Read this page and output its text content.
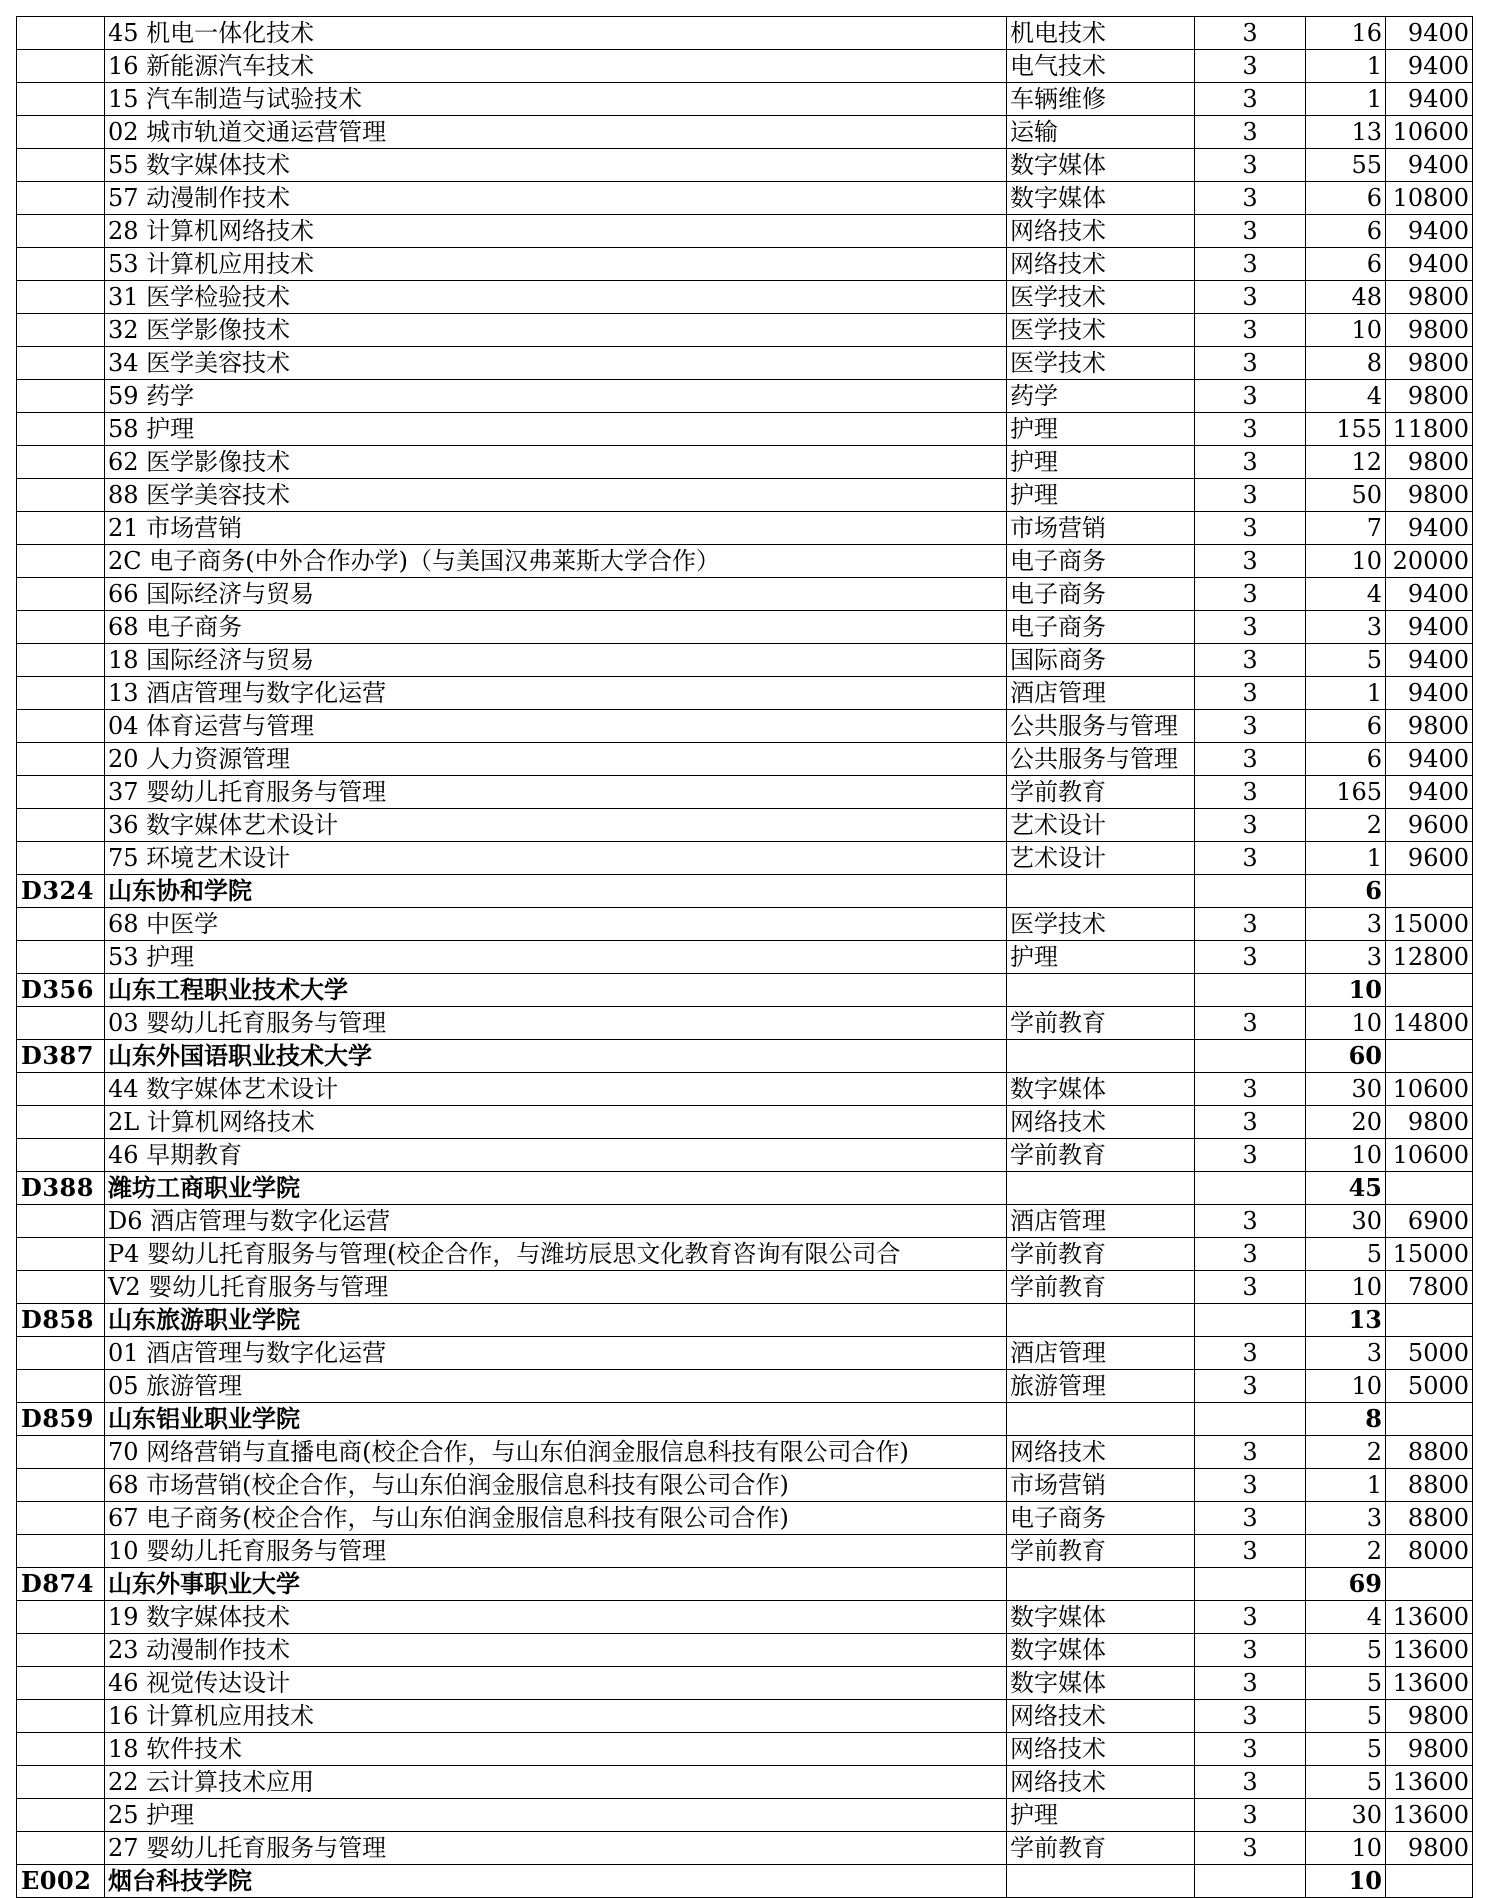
	45 机电一体化技术	机电技术	3	16	9400
	16 新能源汽车技术	电气技术	3	1	9400
	15 汽车制造与试验技术	车辆维修	3	1	9400
	02 城市轨道交通运营管理	运输	3	13	10600
	55 数字媒体技术	数字媒体	3	55	9400
	57 动漫制作技术	数字媒体	3	6	10800
	28 计算机网络技术	网络技术	3	6	9400
	53 计算机应用技术	网络技术	3	6	9400
	31 医学检验技术	医学技术	3	48	9800
	32 医学影像技术	医学技术	3	10	9800
	34 医学美容技术	医学技术	3	8	9800
	59 药学	药学	3	4	9800
	58 护理	护理	3	155	11800
	62 医学影像技术	护理	3	12	9800
	88 医学美容技术	护理	3	50	9800
	21 市场营销	市场营销	3	7	9400
	2C 电子商务(中外合作办学)（与美国汉弗莱斯大学合作）	电子商务	3	10	20000
	66 国际经济与贸易	电子商务	3	4	9400
	68 电子商务	电子商务	3	3	9400
	18 国际经济与贸易	国际商务	3	5	9400
	13 酒店管理与数字化运营	酒店管理	3	1	9400
	04 体育运营与管理	公共服务与管理	3	6	9800
	20 人力资源管理	公共服务与管理	3	6	9400
	37 婴幼儿托育服务与管理	学前教育	3	165	9400
	36 数字媒体艺术设计	艺术设计	3	2	9600
	75 环境艺术设计	艺术设计	3	1	9600
D324	山东协和学院			6	
	68 中医学	医学技术	3	3	15000
	53 护理	护理	3	3	12800
D356	山东工程职业技术大学			10	
	03 婴幼儿托育服务与管理	学前教育	3	10	14800
D387	山东外国语职业技术大学			60	
	44 数字媒体艺术设计	数字媒体	3	30	10600
	2L 计算机网络技术	网络技术	3	20	9800
	46 早期教育	学前教育	3	10	10600
D388	潍坊工商职业学院			45	
	D6 酒店管理与数字化运营	酒店管理	3	30	6900
	P4 婴幼儿托育服务与管理(校企合作，与潍坊辰思文化教育咨询有限公司合	学前教育	3	5	15000
	V2 婴幼儿托育服务与管理	学前教育	3	10	7800
D858	山东旅游职业学院			13	
	01 酒店管理与数字化运营	酒店管理	3	3	5000
	05 旅游管理	旅游管理	3	10	5000
D859	山东铝业职业学院			8	
	70 网络营销与直播电商(校企合作，与山东伯润金服信息科技有限公司合作)	网络技术	3	2	8800
	68 市场营销(校企合作，与山东伯润金服信息科技有限公司合作)	市场营销	3	1	8800
	67 电子商务(校企合作，与山东伯润金服信息科技有限公司合作)	电子商务	3	3	8800
	10 婴幼儿托育服务与管理	学前教育	3	2	8000
D874	山东外事职业大学			69	
	19 数字媒体技术	数字媒体	3	4	13600
	23 动漫制作技术	数字媒体	3	5	13600
	46 视觉传达设计	数字媒体	3	5	13600
	16 计算机应用技术	网络技术	3	5	9800
	18 软件技术	网络技术	3	5	9800
	22 云计算技术应用	网络技术	3	5	13600
	25 护理	护理	3	30	13600
	27 婴幼儿托育服务与管理	学前教育	3	10	9800
E002	烟台科技学院			10	
